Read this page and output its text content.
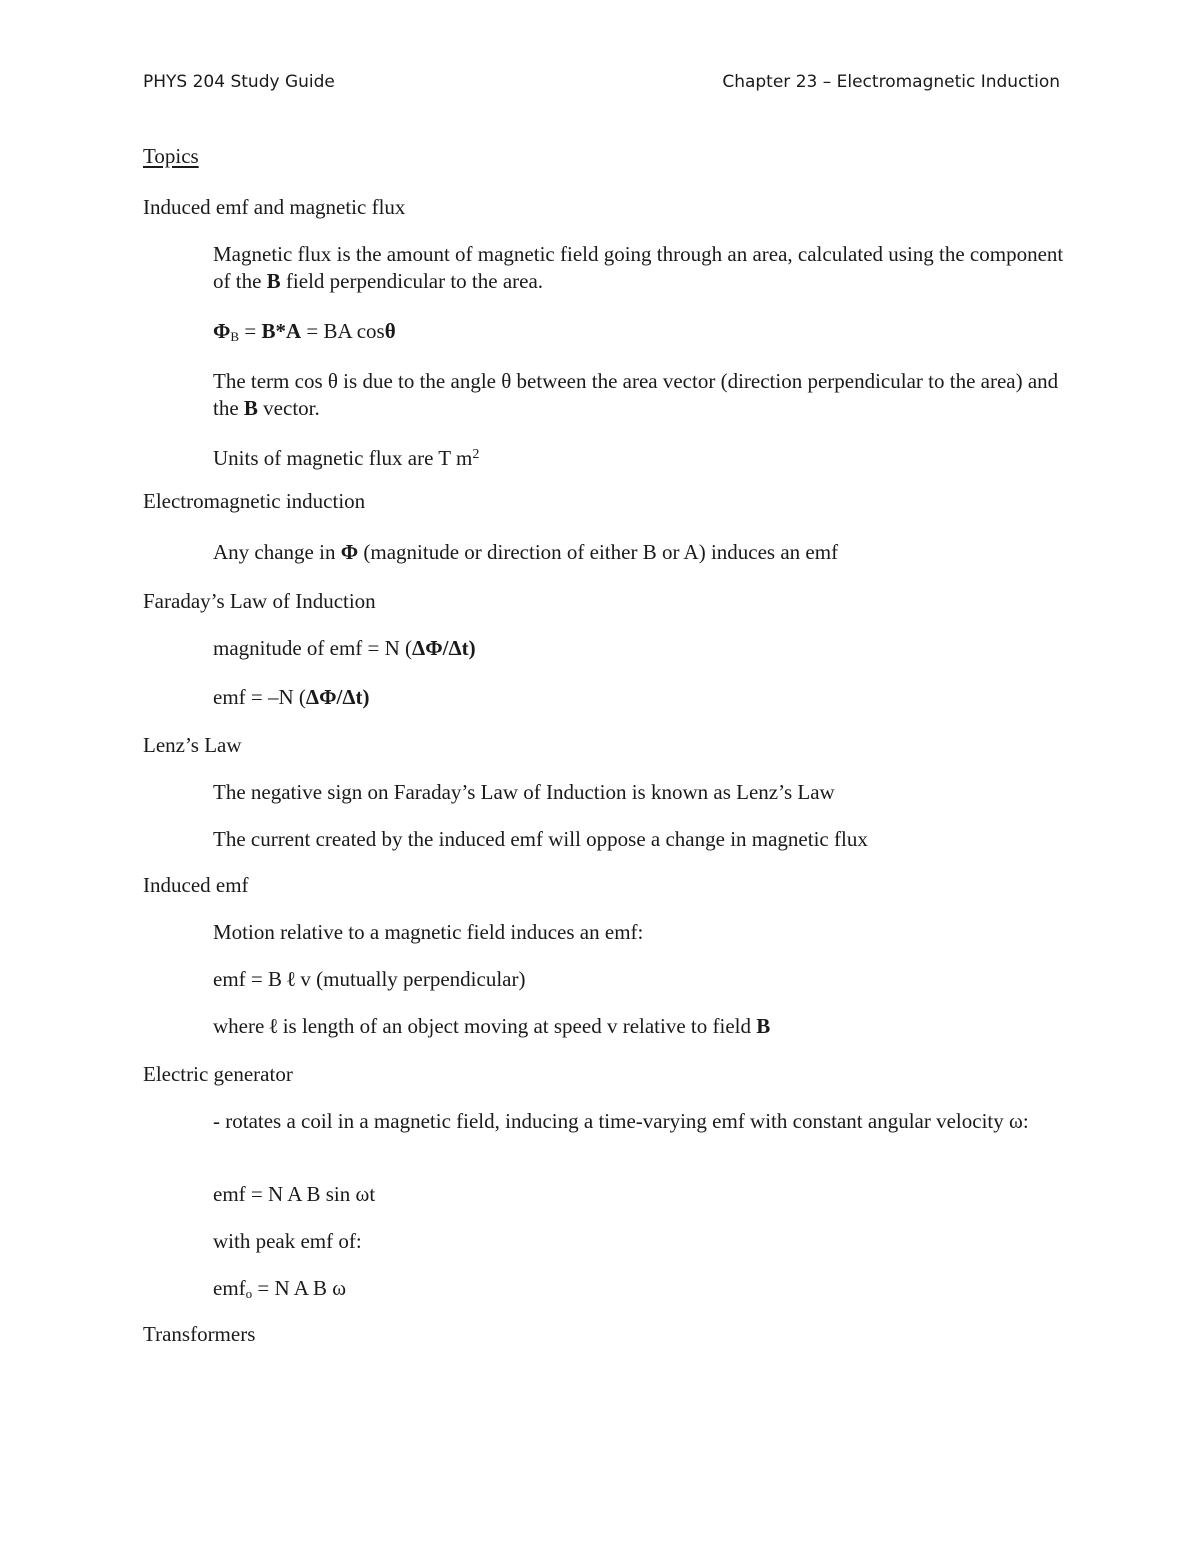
PHYS 204 Study Guide	Chapter 23 – Electromagnetic Induction
Topics
Induced emf and magnetic flux
Magnetic flux is the amount of magnetic field going through an area, calculated using the component of the B field perpendicular to the area.
$\Phi_B = B*A$ = BA cosθ
The term cos θ is due to the angle θ between the area vector (direction perpendicular to the area) and the B vector.
Units of magnetic flux are T $m^2$
Electromagnetic induction
Any change in Φ (magnitude or direction of either B or A) induces an emf
Faraday’s Law of Induction
magnitude of emf = N (ΔΦ/Δt)
emf = –N (ΔΦ/Δt)
Lenz’s Law
The negative sign on Faraday’s Law of Induction is known as Lenz’s Law
The current created by the induced emf will oppose a change in magnetic flux
Induced emf
Motion relative to a magnetic field induces an emf:
emf = B ℓ v (mutually perpendicular)
where ℓ is length of an object moving at speed v relative to field B
Electric generator
- rotates a coil in a magnetic field, inducing a time-varying emf with constant angular velocity ω:
emf = N A B sin ωt
with peak emf of:
emf$_o$ = N A B ω
Transformers
